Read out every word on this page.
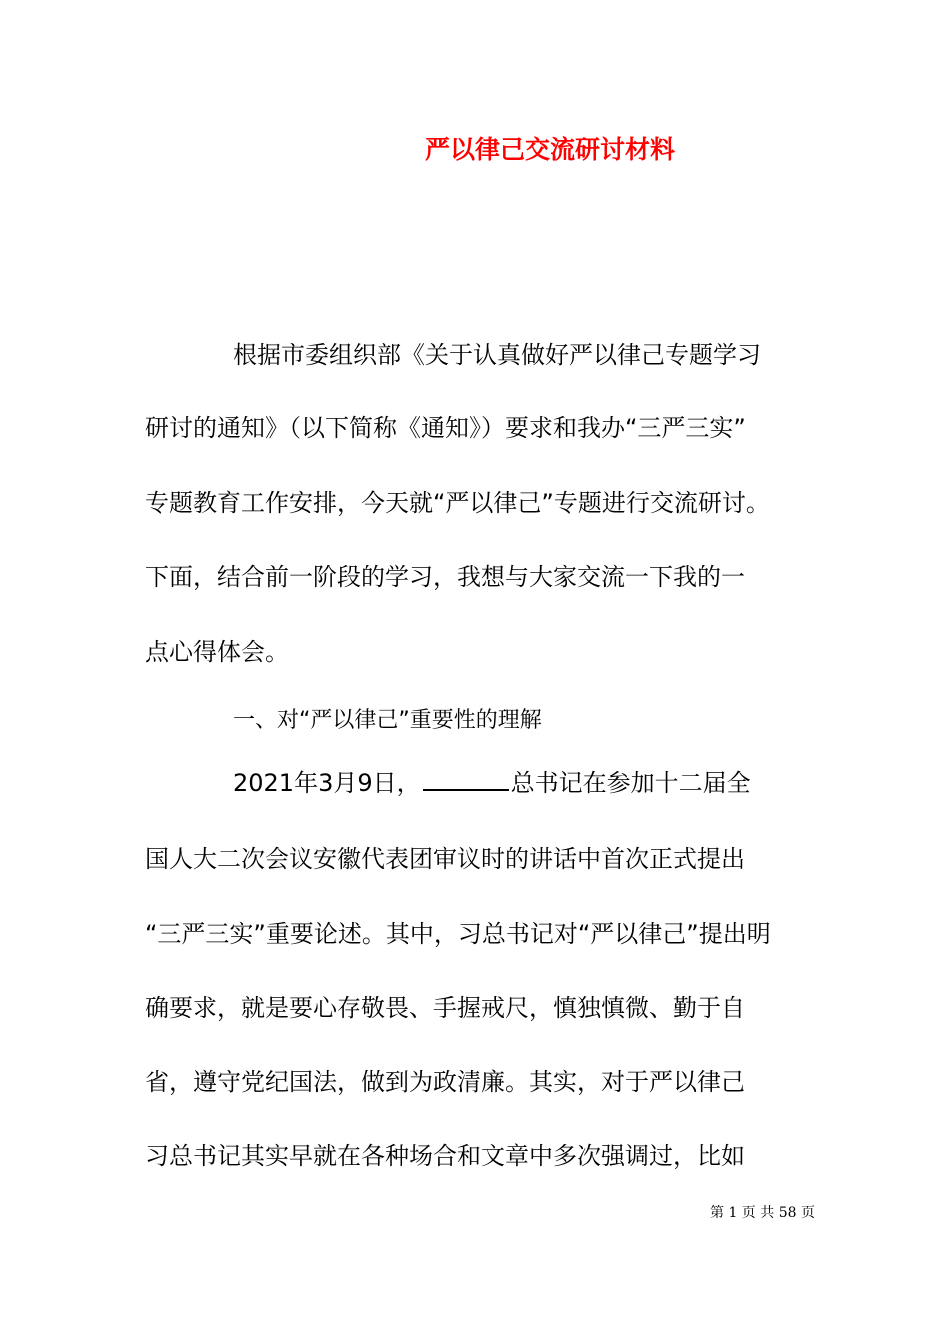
严以律己交流研讨材料
根据市委组织部《关于认真做好严以律己专题学习
研讨的通知》（以下简称《通知》）要求和我办“三严三实”
专题教育工作安排，今天就“严以律己”专题进行交流研讨。
下面，结合前一阶段的学习，我想与大家交流一下我的一
点心得体会。
一、对“严以律己”重要性的理解
2021年3月9日，	总书记在参加十二届全
国人大二次会议安徽代表团审议时的讲话中首次正式提出
“三严三实”重要论述。其中，习总书记对“严以律己”提出明
确要求，就是要心存敬畏、手握戒尺，慎独慎微、勤于自
省，遵守党纪国法，做到为政清廉。其实，对于严以律己
习总书记其实早就在各种场合和文章中多次强调过，比如
第 1 页 共 58 页
